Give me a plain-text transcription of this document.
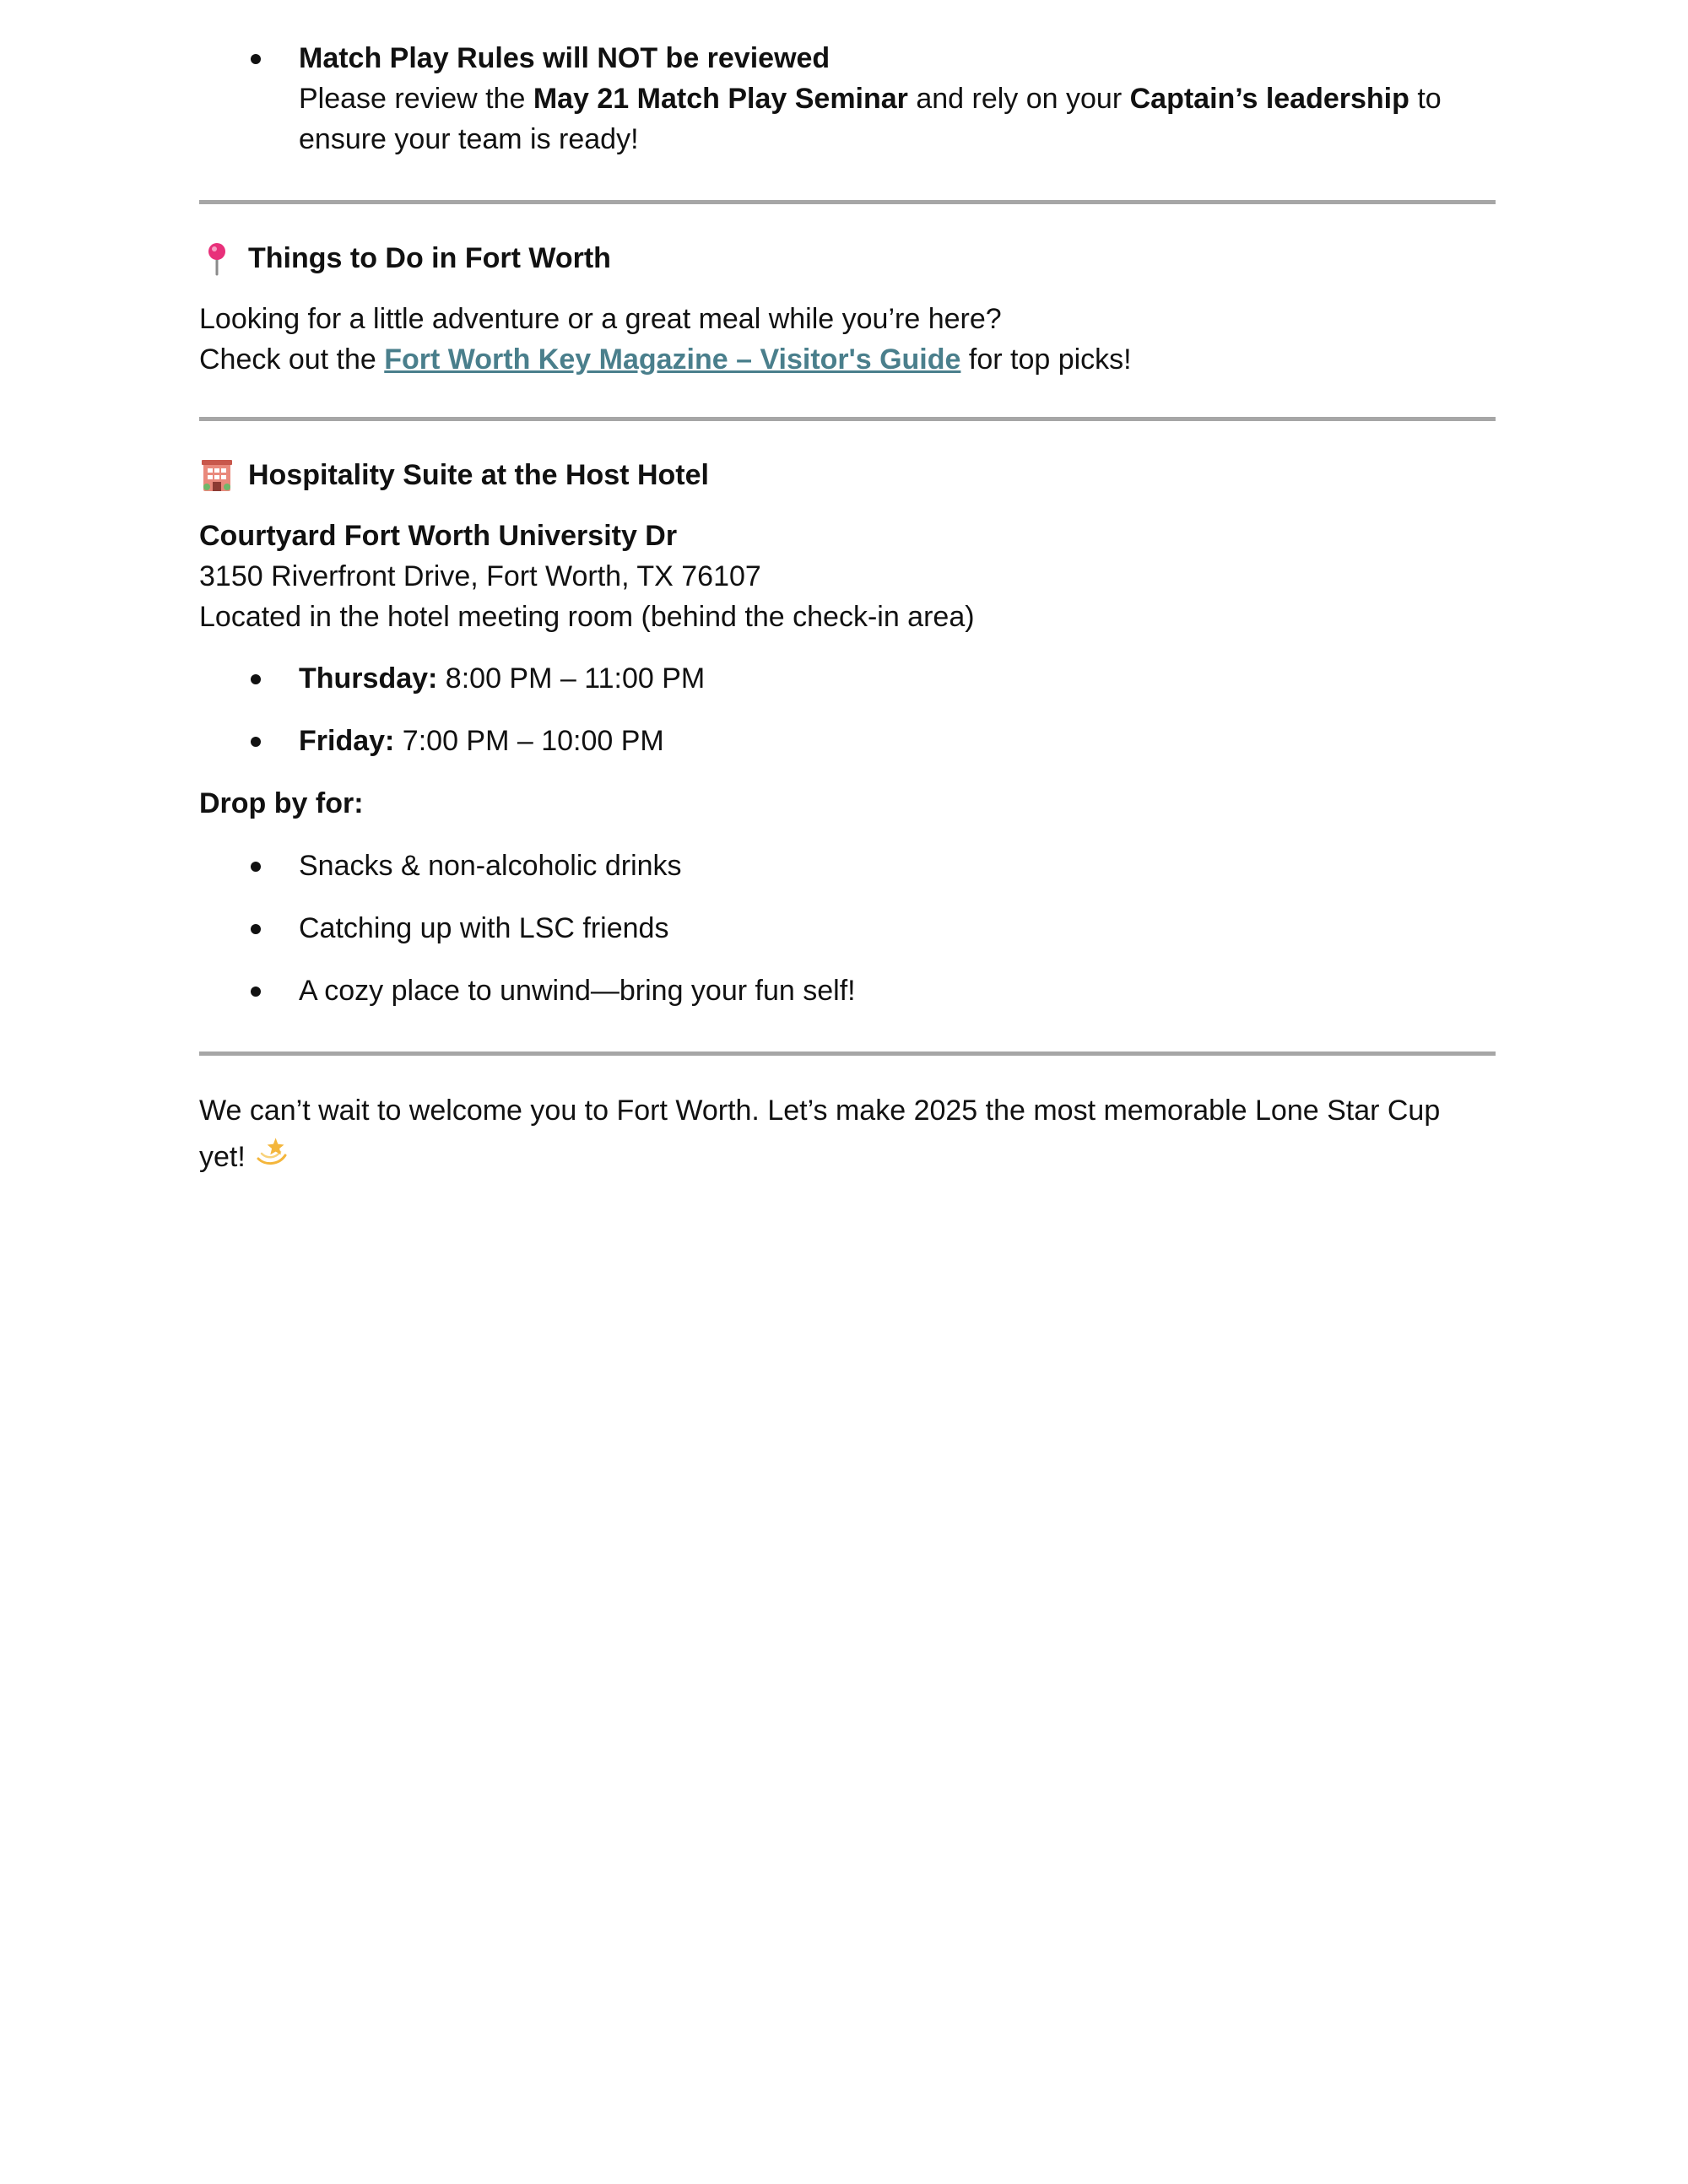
Match Play Rules will NOT be reviewed
Please review the May 21 Match Play Seminar and rely on your Captain’s leadership to
ensure your team is ready!
Things to Do in Fort Worth
Looking for a little adventure or a great meal while you’re here?
Check out the Fort Worth Key Magazine – Visitor's Guide for top picks!
Hospitality Suite at the Host Hotel
Courtyard Fort Worth University Dr
3150 Riverfront Drive, Fort Worth, TX 76107
Located in the hotel meeting room (behind the check-in area)
Thursday: 8:00 PM – 11:00 PM
Friday: 7:00 PM – 10:00 PM
Drop by for:
Snacks & non-alcoholic drinks
Catching up with LSC friends
A cozy place to unwind—bring your fun self!
We can’t wait to welcome you to Fort Worth. Let’s make 2025 the most memorable Lone Star Cup
yet!
